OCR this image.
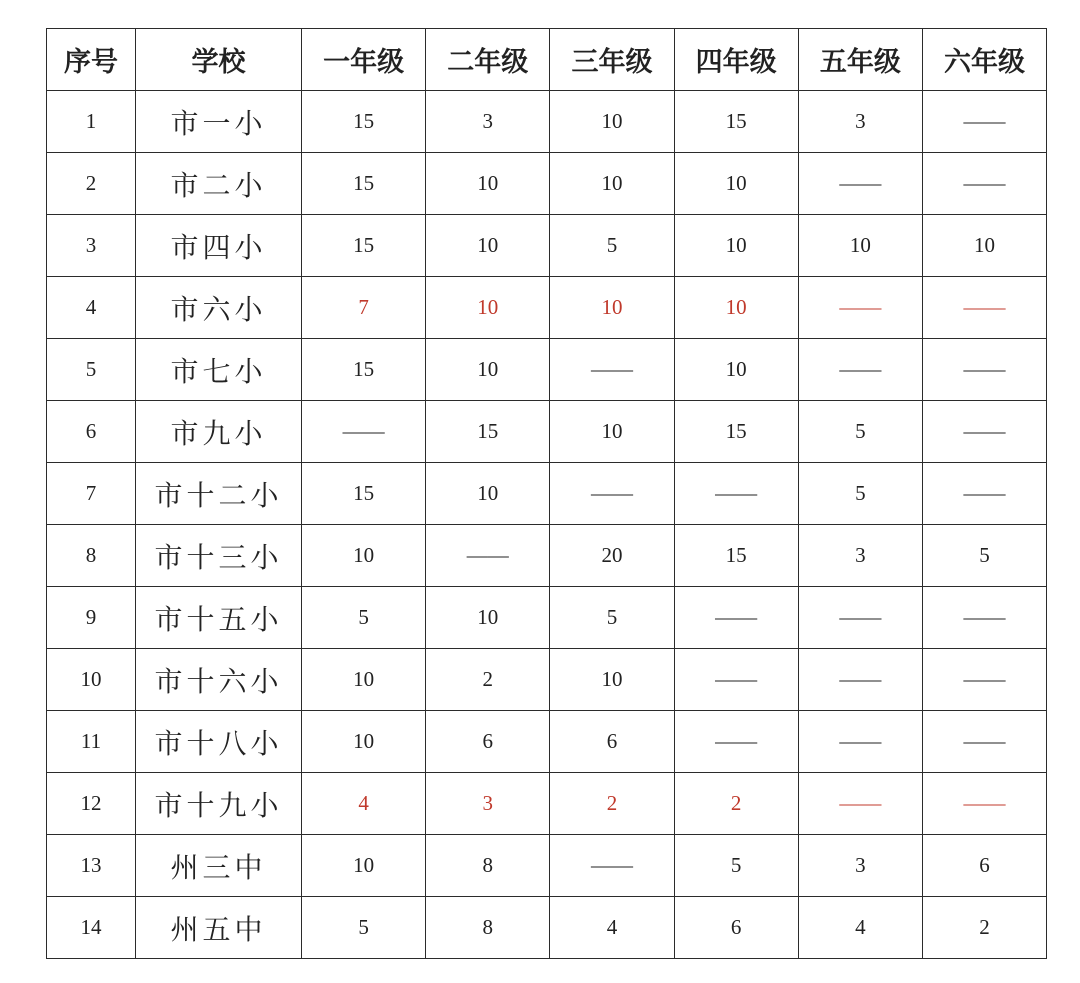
序号	学校	一年级	二年级	三年级	四年级	五年级	六年级
1	市一小	15	3	10	15	3	——
2	市二小	15	10	10	10	——	——
3	市四小	15	10	5	10	10	10
4	市六小	7	10	10	10	——	——
5	市七小	15	10	——	10	——	——
6	市九小	——	15	10	15	5	——
7	市十二小	15	10	——	——	5	——
8	市十三小	10	——	20	15	3	5
9	市十五小	5	10	5	——	——	——
10	市十六小	10	2	10	——	——	——
11	市十八小	10	6	6	——	——	——
12	市十九小	4	3	2	2	——	——
13	州三中	10	8	——	5	3	6
14	州五中	5	8	4	6	4	2
